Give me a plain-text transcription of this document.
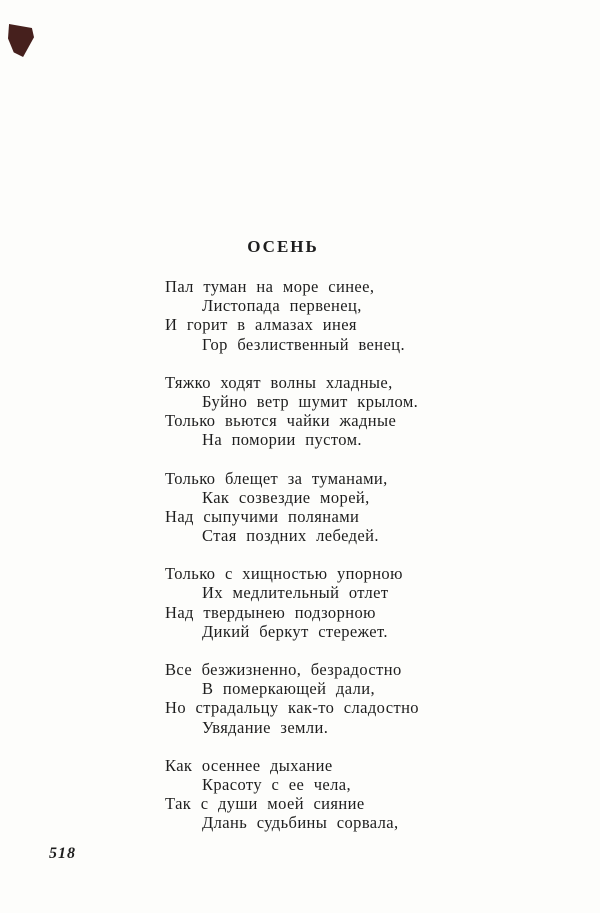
ОСЕНЬ
Пал туман на море синее,
Листопада первенец,
И горит в алмазах инея
Гор безлиственный венец.
Тяжко ходят волны хладные,
Буйно ветр шумит крылом.
Только вьются чайки жадные
На помории пустом.
Только блещет за туманами,
Как созвездие морей,
Над сыпучими полянами
Стая поздних лебедей.
Только с хищностью упорною
Их медлительный отлет
Над твердынею подзорною
Дикий беркут стережет.
Все безжизненно, безрадостно
В померкающей дали,
Но страдальцу как-то сладостно
Увядание земли.
Как осеннее дыхание
Красоту с ее чела,
Так с души моей сияние
Длань судьбины сорвала,
518
